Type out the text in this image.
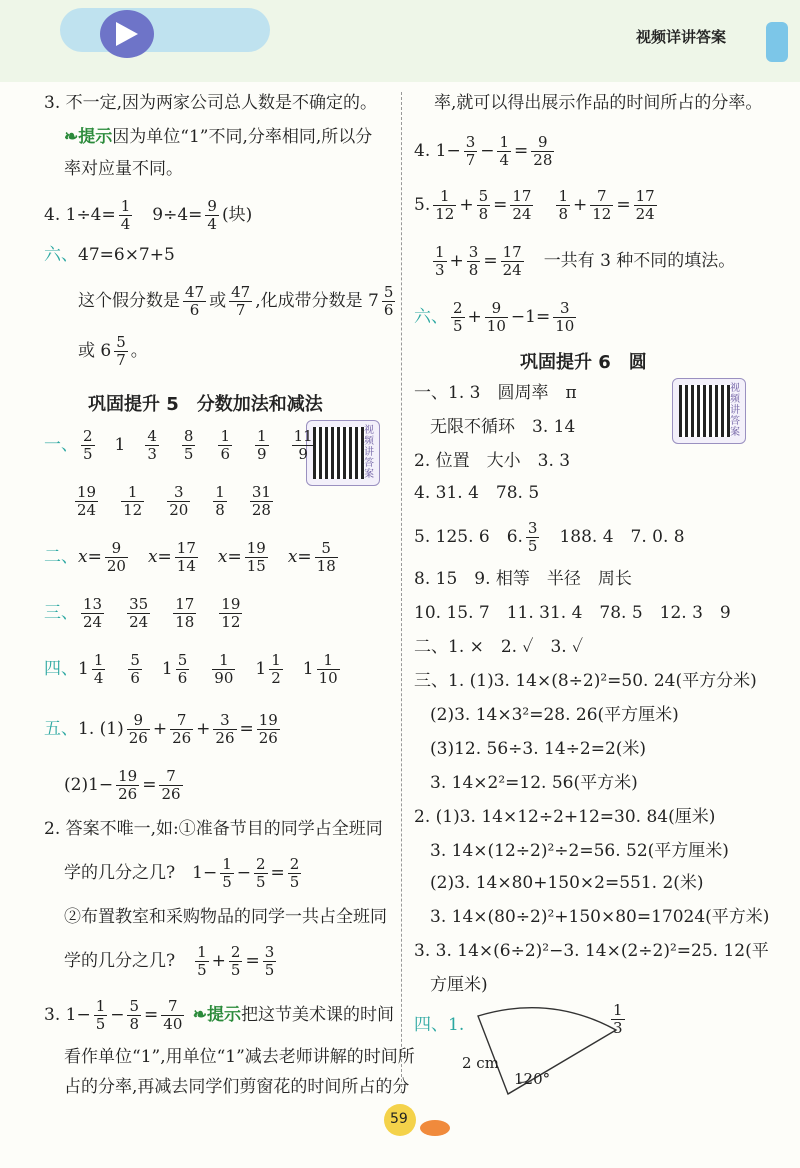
视频详讲答案
3. 不一定,因为两家公司总人数是不确定的。
❧提示因为单位“1”不同,分率相同,所以分
率对应量不同。
4. $1\div 4= \frac{1}{4}$
　 $9\div 4= \frac{9}{4}$ (块)
六、47=6×7+5
这个假分数是 $\frac{47}{6}$ 或 $\frac{47}{7}$ ,化成带分数是 $7 \frac{5}{6}$
或 $6 \frac{5}{7}$ 。
巩固提升 5　分数加法和减法
视频讲答案
一、 $\frac{2}{5}$
　 1　 $\frac{4}{3}$
　 $\frac{8}{5}$
　 $\frac{1}{6}$
　 $\frac{1}{9}$
　 $\frac{11}{9}$
$\frac{19}{24}$
　 $\frac{1}{12}$
　 $\frac{3}{20}$
　 $\frac{1}{8}$
　 $\frac{31}{28}$
二、$x= \frac{9}{20}$
　 $x= \frac{17}{14}$
　 $x= \frac{19}{15}$
　 $x= \frac{5}{18}$
三、 $\frac{13}{24}$
　 $\frac{35}{24}$
　 $\frac{17}{18}$
　 $\frac{19}{12}$
四、$1 \frac{1}{4}$
　 $\frac{5}{6}$
　 $1 \frac{5}{6}$
　 $\frac{1}{90}$
　 $1 \frac{1}{2}$
　 $1 \frac{1}{10}$
五、1. $(1) \frac{9}{26} + \frac{7}{26} + \frac{3}{26} = \frac{19}{26}$
$(2)1- \frac{19}{26} = \frac{7}{26}$
2. 答案不唯一,如:①准备节目的同学占全班同
学的几分之几?　$1- \frac{1}{5} - \frac{2}{5} = \frac{2}{5}$
②布置教室和采购物品的同学一共占全班同
学的几分之几?　 $\frac{1}{5} + \frac{2}{5} = \frac{3}{5}$
3. $1- \frac{1}{5} - \frac{5}{8} = \frac{7}{40}$ ❧提示把这节美术课的时间
看作单位“1”,用单位“1”减去老师讲解的时间所
占的分率,再减去同学们剪窗花的时间所占的分
率,就可以得出展示作品的时间所占的分率。
4. $1- \frac{3}{7} - \frac{1}{4} = \frac{9}{28}$
5. $\frac{1}{12} + \frac{5}{8} = \frac{17}{24}$
　 $\frac{1}{8} + \frac{7}{12} = \frac{17}{24}$
$\frac{1}{3} + \frac{3}{8} = \frac{17}{24}$
　 一共有 3 种不同的填法。
六、 $\frac{2}{5} + \frac{9}{10} -1= \frac{3}{10}$
巩固提升 6　圆
视频讲答案
一、1. 3　圆周率　π
无限不循环　3. 14
2. 位置　大小　3. 3
4. 31. 4　78. 5
5. 125. 6　6. $\frac{3}{5}$
　 188. 4　7. 0. 8
8. 15　9. 相等　半径　周长
10. 15. 7　11. 31. 4　78. 5　12. 3　9
二、1. ×　2. ✓　3. ✓
三、1. (1)3. 14×(8÷2)²=50. 24(平方分米)
(2)3. 14×3²=28. 26(平方厘米)
(3)12. 56÷3. 14÷2=2(米)
3. 14×2²=12. 56(平方米)
2. (1)3. 14×12÷2+12=30. 84(厘米)
3. 14×(12÷2)²÷2=56. 52(平方厘米)
(2)3. 14×80+150×2=551. 2(米)
3. 14×(80÷2)²+150×80=17024(平方米)
3. 3. 14×(6÷2)²−3. 14×(2÷2)²=25. 12(平
方厘米)
四、1.	$\frac{1}{3}$
2 cm
120°
59
